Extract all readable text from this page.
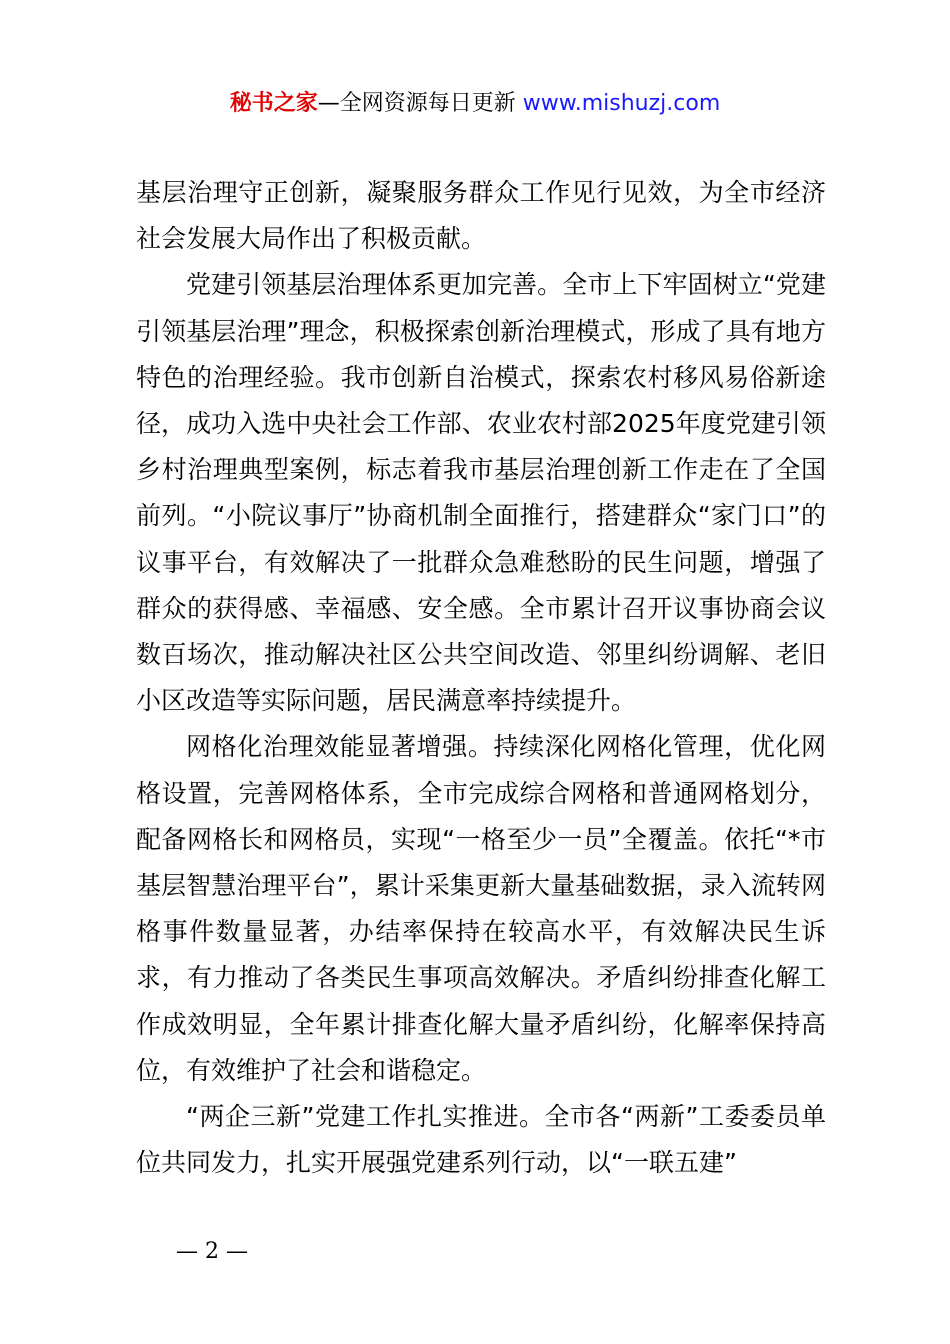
秘书之家—全网资源每日更新 www.mishuzj.com

基层治理守正创新，凝聚服务群众工作见行见效，为全市经济社会发展大局作出了积极贡献。

党建引领基层治理体系更加完善。全市上下牢固树立“党建引领基层治理”理念，积极探索创新治理模式，形成了具有地方特色的治理经验。我市创新自治模式，探索农村移风易俗新途径，成功入选中央社会工作部、农业农村部2025年度党建引领乡村治理典型案例，标志着我市基层治理创新工作走在了全国前列。“小院议事厅”协商机制全面推行，搭建群众“家门口”的议事平台，有效解决了一批群众急难愁盼的民生问题，增强了群众的获得感、幸福感、安全感。全市累计召开议事协商会议数百场次，推动解决社区公共空间改造、邻里纠纷调解、老旧小区改造等实际问题，居民满意率持续提升。

网格化治理效能显著增强。持续深化网格化管理，优化网格设置，完善网格体系，全市完成综合网格和普通网格划分，配备网格长和网格员，实现“一格至少一员”全覆盖。依托“*市基层智慧治理平台”，累计采集更新大量基础数据，录入流转网格事件数量显著，办结率保持在较高水平，有效解决民生诉求，有力推动了各类民生事项高效解决。矛盾纠纷排查化解工作成效明显，全年累计排查化解大量矛盾纠纷，化解率保持高位，有效维护了社会和谐稳定。

“两企三新”党建工作扎实推进。全市各“两新”工委委员单位共同发力，扎实开展强党建系列行动，以“一联五建”

— 2 —
